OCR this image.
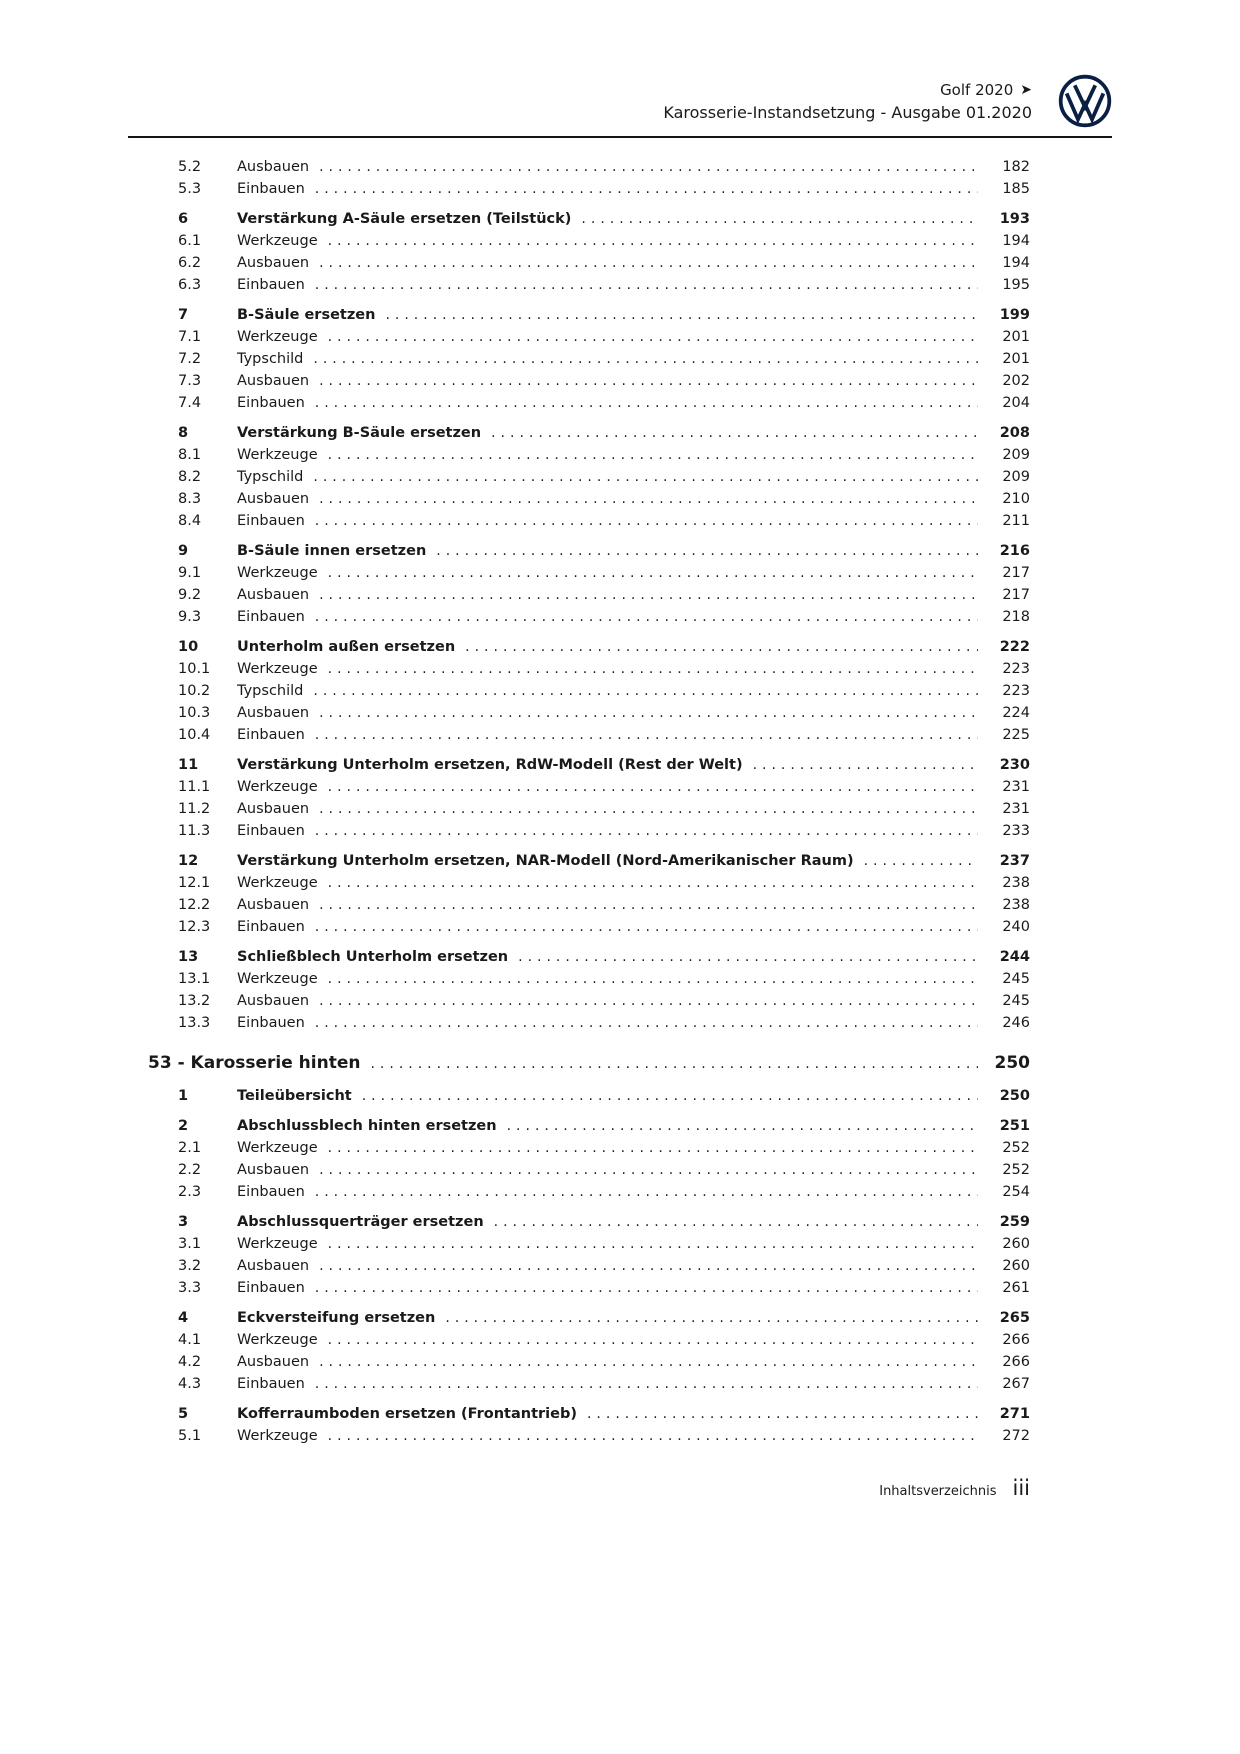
Golf 2020 ➤
Karosserie-Instandsetzung - Ausgabe 01.2020
5.2	Ausbauen .....	182
5.3	Einbauen .....	185
6	Verstärkung A-Säule ersetzen (Teilstück) .....	193
6.1	Werkzeuge .....	194
6.2	Ausbauen .....	194
6.3	Einbauen .....	195
7	B-Säule ersetzen .....	199
7.1	Werkzeuge .....	201
7.2	Typschild .....	201
7.3	Ausbauen .....	202
7.4	Einbauen .....	204
8	Verstärkung B-Säule ersetzen .....	208
8.1	Werkzeuge .....	209
8.2	Typschild .....	209
8.3	Ausbauen .....	210
8.4	Einbauen .....	211
9	B-Säule innen ersetzen .....	216
9.1	Werkzeuge .....	217
9.2	Ausbauen .....	217
9.3	Einbauen .....	218
10	Unterholm außen ersetzen .....	222
10.1	Werkzeuge .....	223
10.2	Typschild .....	223
10.3	Ausbauen .....	224
10.4	Einbauen .....	225
11	Verstärkung Unterholm ersetzen, RdW-Modell (Rest der Welt) .....	230
11.1	Werkzeuge .....	231
11.2	Ausbauen .....	231
11.3	Einbauen .....	233
12	Verstärkung Unterholm ersetzen, NAR-Modell (Nord-Amerikanischer Raum) .....	237
12.1	Werkzeuge .....	238
12.2	Ausbauen .....	238
12.3	Einbauen .....	240
13	Schließblech Unterholm ersetzen .....	244
13.1	Werkzeuge .....	245
13.2	Ausbauen .....	245
13.3	Einbauen .....	246
53 - Karosserie hinten .....	250
1	Teileübersicht .....	250
2	Abschlussblech hinten ersetzen .....	251
2.1	Werkzeuge .....	252
2.2	Ausbauen .....	252
2.3	Einbauen .....	254
3	Abschlussquerträger ersetzen .....	259
3.1	Werkzeuge .....	260
3.2	Ausbauen .....	260
3.3	Einbauen .....	261
4	Eckversteifung ersetzen .....	265
4.1	Werkzeuge .....	266
4.2	Ausbauen .....	266
4.3	Einbauen .....	267
5	Kofferraumboden ersetzen (Frontantrieb) .....	271
5.1	Werkzeuge .....	272
Inhaltsverzeichnis iii
